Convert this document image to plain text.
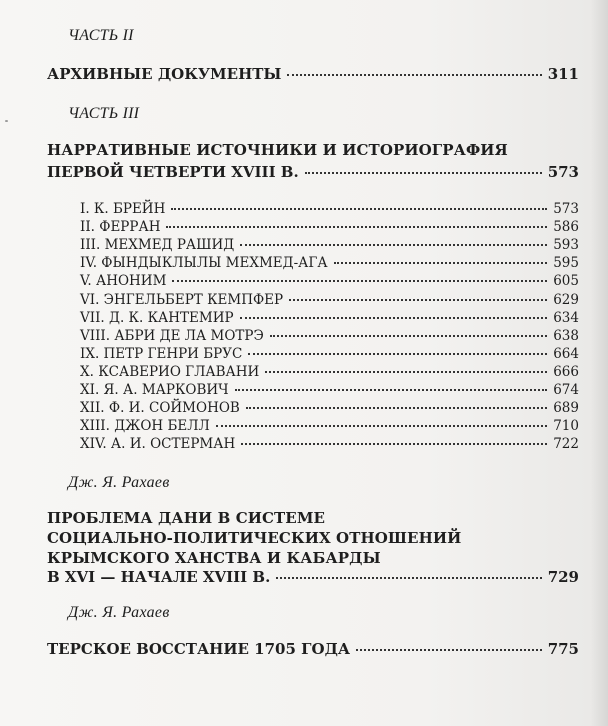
ЧАСТЬ II
АРХИВНЫЕ ДОКУМЕНТЫ	311
ЧАСТЬ III
НАРРАТИВНЫЕ ИСТОЧНИКИ И ИСТОРИОГРАФИЯ
ПЕРВОЙ ЧЕТВЕРТИ XVIII В.	573
I. К. БРЕЙН	573
II. ФЕРРАН	586
III. МЕХМЕД РАШИД	593
IV. ФЫНДЫКЛЫЛЫ МЕХМЕД-АГА	595
V. АНОНИМ	605
VI. ЭНГЕЛЬБЕРТ КЕМПФЕР	629
VII. Д. К. КАНТЕМИР	634
VIII. АБРИ ДЕ ЛА МОТРЭ	638
IX. ПЕТР ГЕНРИ БРУС	664
X. КСАВЕРИО ГЛАВАНИ	666
XI. Я. А. МАРКОВИЧ	674
XII. Ф. И. СОЙМОНОВ	689
XIII. ДЖОН БЕЛЛ	710
XIV. А. И. ОСТЕРМАН	722
Дж. Я. Рахаев
ПРОБЛЕМА ДАНИ В СИСТЕМЕ
СОЦИАЛЬНО-ПОЛИТИЧЕСКИХ ОТНОШЕНИЙ
КРЫМСКОГО ХАНСТВА И КАБАРДЫ
В XVI — НАЧАЛЕ XVIII В.	729
Дж. Я. Рахаев
ТЕРСКОЕ ВОССТАНИЕ 1705 ГОДА	775
